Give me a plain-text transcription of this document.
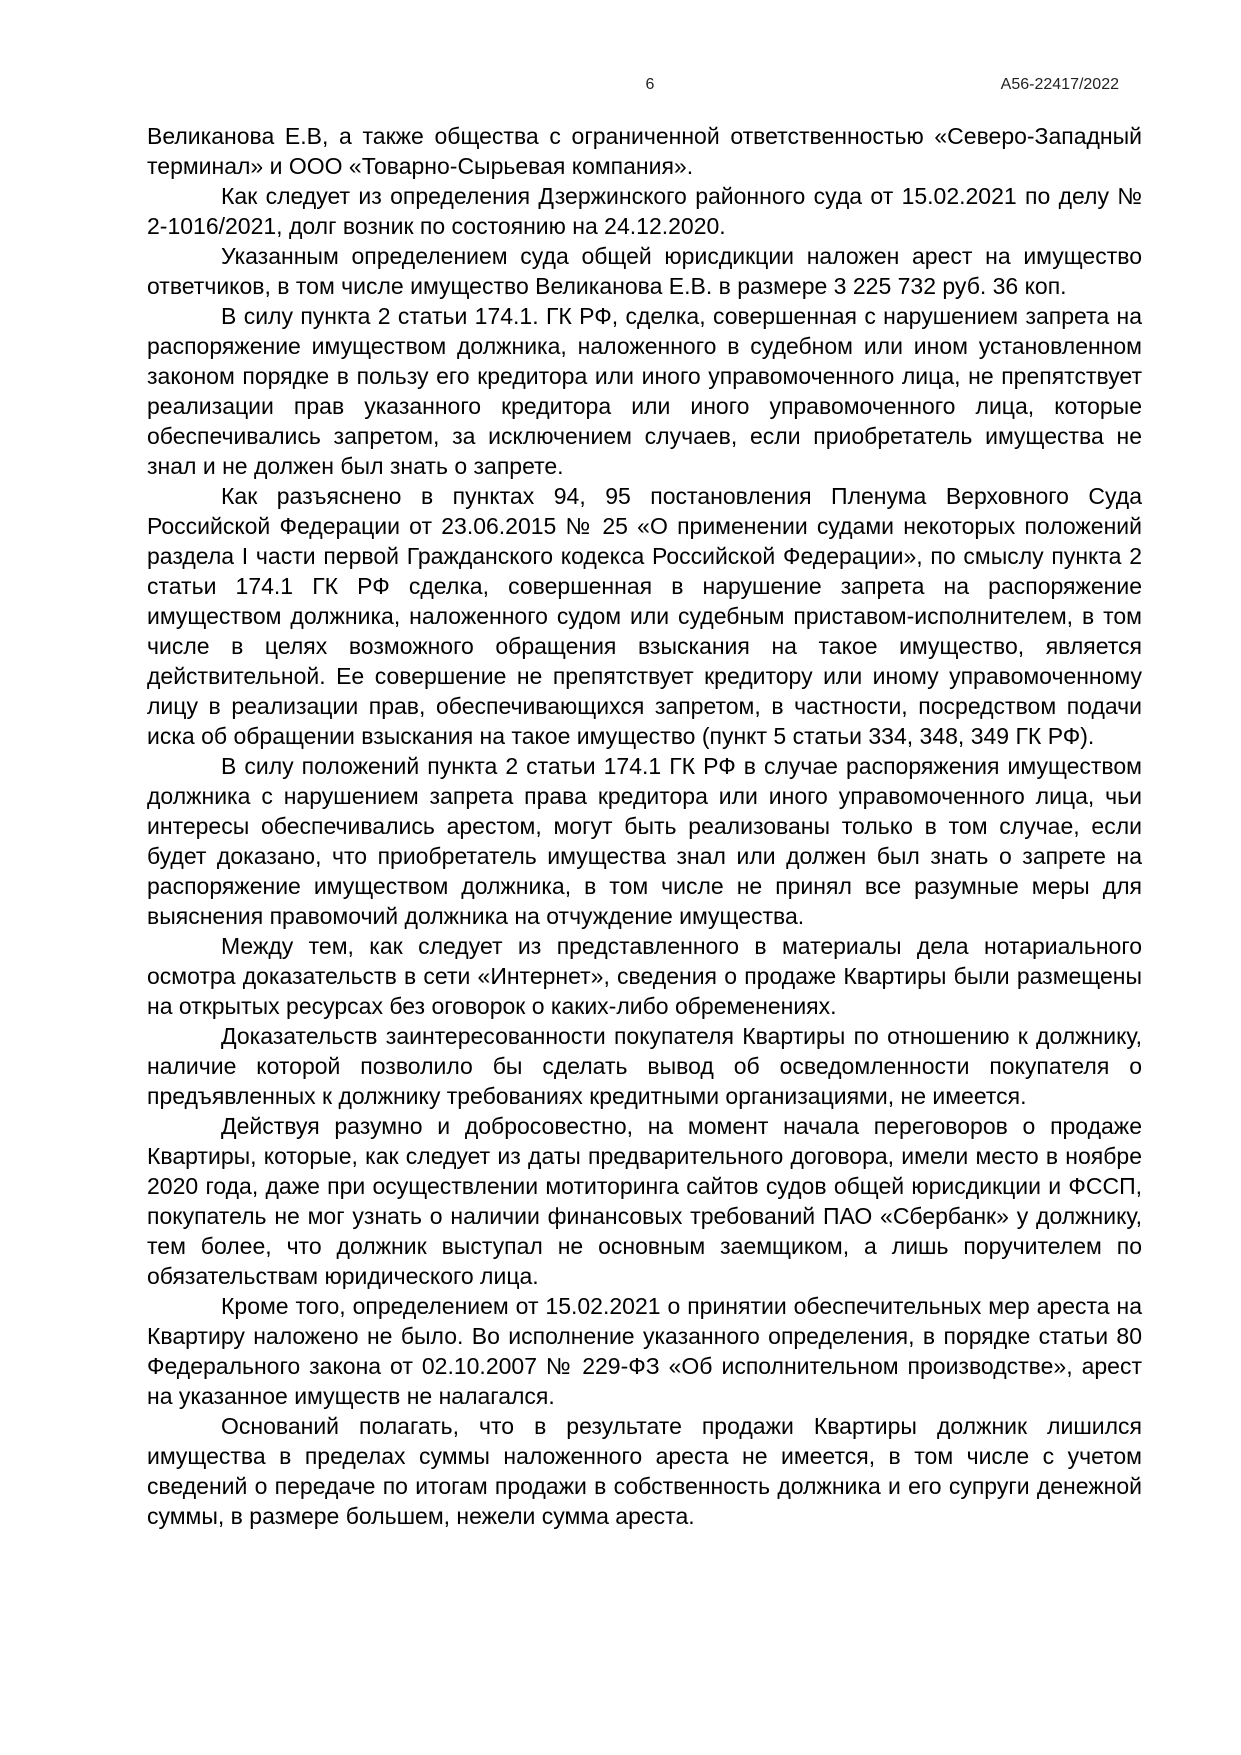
6	А56-22417/2022

Великанова Е.В, а также общества с ограниченной ответственностью «Северо-Западный терминал» и ООО «Товарно-Сырьевая компания».

Как следует из определения Дзержинского районного суда от 15.02.2021 по делу № 2-1016/2021, долг возник по состоянию на 24.12.2020.

Указанным определением суда общей юрисдикции наложен арест на имущество ответчиков, в том числе имущество Великанова Е.В. в размере 3 225 732 руб. 36 коп.

В силу пункта 2 статьи 174.1. ГК РФ, сделка, совершенная с нарушением запрета на распоряжение имуществом должника, наложенного в судебном или ином установленном законом порядке в пользу его кредитора или иного управомоченного лица, не препятствует реализации прав указанного кредитора или иного управомоченного лица, которые обеспечивались запретом, за исключением случаев, если приобретатель имущества не знал и не должен был знать о запрете.

Как разъяснено в пунктах 94, 95 постановления Пленума Верховного Суда Российской Федерации от 23.06.2015 № 25 «О применении судами некоторых положений раздела I части первой Гражданского кодекса Российской Федерации», по смыслу пункта 2 статьи 174.1 ГК РФ сделка, совершенная в нарушение запрета на распоряжение имуществом должника, наложенного судом или судебным приставом-исполнителем, в том числе в целях возможного обращения взыскания на такое имущество, является действительной. Ее совершение не препятствует кредитору или иному управомоченному лицу в реализации прав, обеспечивающихся запретом, в частности, посредством подачи иска об обращении взыскания на такое имущество (пункт 5 статьи 334, 348, 349 ГК РФ).

В силу положений пункта 2 статьи 174.1 ГК РФ в случае распоряжения имуществом должника с нарушением запрета права кредитора или иного управомоченного лица, чьи интересы обеспечивались арестом, могут быть реализованы только в том случае, если будет доказано, что приобретатель имущества знал или должен был знать о запрете на распоряжение имуществом должника, в том числе не принял все разумные меры для выяснения правомочий должника на отчуждение имущества.

Между тем, как следует из представленного в материалы дела нотариального осмотра доказательств в сети «Интернет», сведения о продаже Квартиры были размещены на открытых ресурсах без оговорок о каких-либо обременениях.

Доказательств заинтересованности покупателя Квартиры по отношению к должнику, наличие которой позволило бы сделать вывод об осведомленности покупателя о предъявленных к должнику требованиях кредитными организациями, не имеется.

Действуя разумно и добросовестно, на момент начала переговоров о продаже Квартиры, которые, как следует из даты предварительного договора, имели место в ноябре 2020 года, даже при осуществлении мотиторинга сайтов судов общей юрисдикции и ФССП, покупатель не мог узнать о наличии финансовых требований ПАО «Сбербанк» у должнику, тем более, что должник выступал не основным заемщиком, а лишь поручителем по обязательствам юридического лица.

Кроме того, определением от 15.02.2021 о принятии обеспечительных мер ареста на Квартиру наложено не было. Во исполнение указанного определения, в порядке статьи 80 Федерального закона от 02.10.2007 № 229-ФЗ «Об исполнительном производстве», арест на указанное имуществ не налагался.

Оснований полагать, что в результате продажи Квартиры должник лишился имущества в пределах суммы наложенного ареста не имеется, в том числе с учетом сведений о передаче по итогам продажи в собственность должника и его супруги денежной суммы, в размере большем, нежели сумма ареста.
